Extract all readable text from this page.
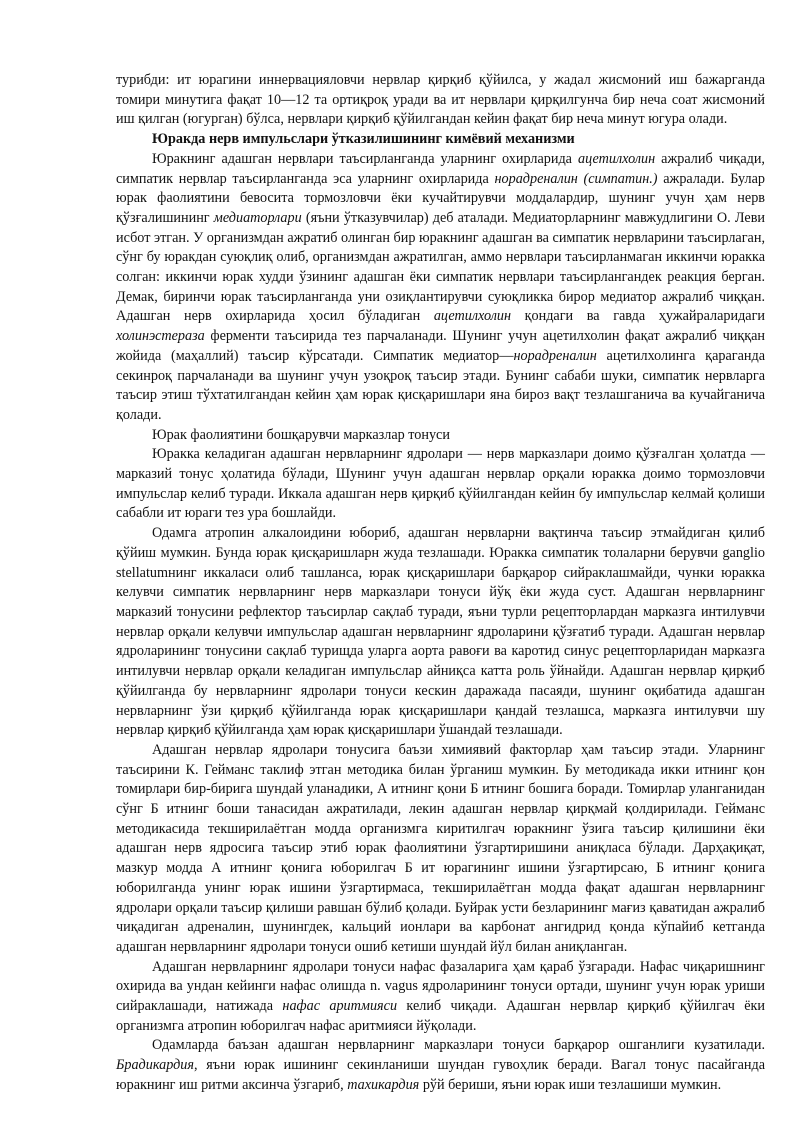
турибди: ит юрагини иннервацияловчи нервлар қирқиб қўйилса, у жадал жисмоний иш бажарганда томири минутига фақат 10—12 та ортиқроқ уради ва ит нервлари қирқилгунча бир неча соат жисмоний иш қилган (югурган) бўлса, нервлари қирқиб қўйилгандан кейин фақат бир неча минут югура олади.

Юракда нерв импульслари ўтказилишининг кимёвий механизми

Юракнинг адашган нервлари таъсирланганда уларнинг охирларида ацетилхолин ажралиб чиқади, симпатик нервлар таъсирланганда эса уларнинг охирларида норадреналин (симпатин.) ажралади. Булар юрак фаолиятини бевосита тормозловчи ёки кучайтирувчи моддалардир, шунинг учун ҳам нерв қўзғалишининг медиаторлари (яъни ўтказувчилар) деб аталади. Медиаторларнинг мавжудлигини О. Леви исбот этган. У организмдан ажратиб олинган бир юракнинг адашган ва симпатик нервларини таъсирлаган, сўнг бу юракдан суюқлиқ олиб, организмдан ажратилган, аммо нервлари таъсирланмаган иккинчи юракка солган: иккинчи юрак худди ўзининг адашган ёки симпатик нервлари таъсирлангандек реакция берган. Демак, биринчи юрак таъсирланганда уни озиқлантирувчи суюқликка бирор медиатор ажралиб чиққан. Адашган нерв охирларида ҳосил бўладиган ацетилхолин қондаги ва гавда ҳужайраларидаги холинэстераза ферменти таъсирида тез парчаланади. Шунинг учун ацетилхолин фақат ажралиб чиққан жойида (маҳаллий) таъсир кўрсатади. Симпатик медиатор—норадреналин ацетилхолинга қараганда секинроқ парчаланади ва шунинг учун узоқроқ таъсир этади. Бунинг сабаби шуки, симпатик нервларга таъсир этиш тўхтатилгандан кейин ҳам юрак қисқаришлари яна бироз вақт тезлашганича ва кучайганича қолади.

Юрак фаолиятини бошқарувчи марказлар тонуси

Юракка келадиган адашган нервларнинг ядролари — нерв марказлари доимо қўзғалган ҳолатда — марказий тонус ҳолатида бўлади, Шунинг учун адашган нервлар орқали юракка доимо тормозловчи импульслар келиб туради. Иккала адашган нерв қирқиб қўйилгандан кейин бу импульслар келмай қолиши сабабли ит юраги тез ура бошлайди.

Одамга атропин алкалоидини юбориб, адашган нервларни вақтинча таъсир этмайдиган қилиб қўйиш мумкин. Бунда юрак қисқаришларн жуда тезлашади. Юракка симпатик толаларни берувчи ganglio stellatumнинг иккаласи олиб ташланса, юрак қисқаришлари барқарор сийраклашмайди, чунки юракка келувчи симпатик нервларнинг нерв марказлари тонуси йўқ ёки жуда суст. Адашган нервларнинг марказий тонусини рефлектор таъсирлар сақлаб туради, яъни турли рецепторлардан марказга интилувчи нервлар орқали келувчи импульслар адашган нервларнинг ядроларини қўзғатиб туради. Адашган нервлар ядроларининг тонусини сақлаб турищда уларга аорта равоғи ва каротид синус рецепторларидан марказга интилувчи нервлар орқали келадиган импульслар айниқса катта роль ўйнайди. Адашган нервлар қирқиб қўйилганда бу нервларнинг ядролари тонуси кескин даражада пасаяди, шунинг оқибатида адашган нервларнинг ўзи қирқиб қўйилганда юрак қисқаришлари қандай тезлашса, марказга интилувчи шу нервлар қирқиб қўйилганда ҳам юрак қисқаришлари ўшандай тезлашади.

Адашган нервлар ядролари тонусига баъзи химиявий факторлар ҳам таъсир этади. Уларнинг таъсирини К. Гейманс таклиф этган методика билан ўрганиш мумкин. Бу методикада икки итнинг қон томирлари бир-бирига шундай уланадики, А итнинг қони Б итнинг бошига боради. Томирлар уланганидан сўнг Б итнинг боши танасидан ажратилади, лекин адашган нервлар қирқмай қолдирилади. Гейманс методикасида текширилаётган модда организмга киритилгач юракнинг ўзига таъсир қилишини ёки адашган нерв ядросига таъсир этиб юрак фаолиятини ўзгартиришини аниқласа бўлади. Дарҳақиқат, мазкур модда А итнинг қонига юборилгач Б ит юрагининг ишини ўзгартирсаю, Б итнинг қонига юборилганда унинг юрак ишини ўзгартирмаса, текширилаётган модда фақат адашган нервларнинг ядролари орқали таъсир қилиши равшан бўлиб қолади. Буйрак усти безларининг мағиз қаватидан ажралиб чиқадиган адреналин, шунингдек, кальций ионлари ва карбонат ангидрид қонда кўпайиб кетганда адашган нервларнинг ядролари тонуси ошиб кетиши шундай йўл билан аниқланган.

Адашган нервларнинг ядролари тонуси нафас фазаларига ҳам қараб ўзгаради. Нафас чиқаришнинг охирида ва ундан кейинги нафас олишда n. vagus ядроларининг тонуси ортади, шунинг учун юрак уриши сийраклашади, натижада нафас аритмияси келиб чиқади. Адашган нервлар қирқиб қўйилгач ёки организмга атропин юборилгач нафас аритмияси йўқолади.

Одамларда баъзан адашган нервларнинг марказлари тонуси барқарор ошганлиги кузатилади. Брадикардия, яъни юрак ишининг секинланиши шундан гувоҳлик беради. Вагал тонус пасайганда юракнинг иш ритми аксинча ўзгариб, тахикардия рўй бериши, яъни юрак иши тезлашиши мумкин.
